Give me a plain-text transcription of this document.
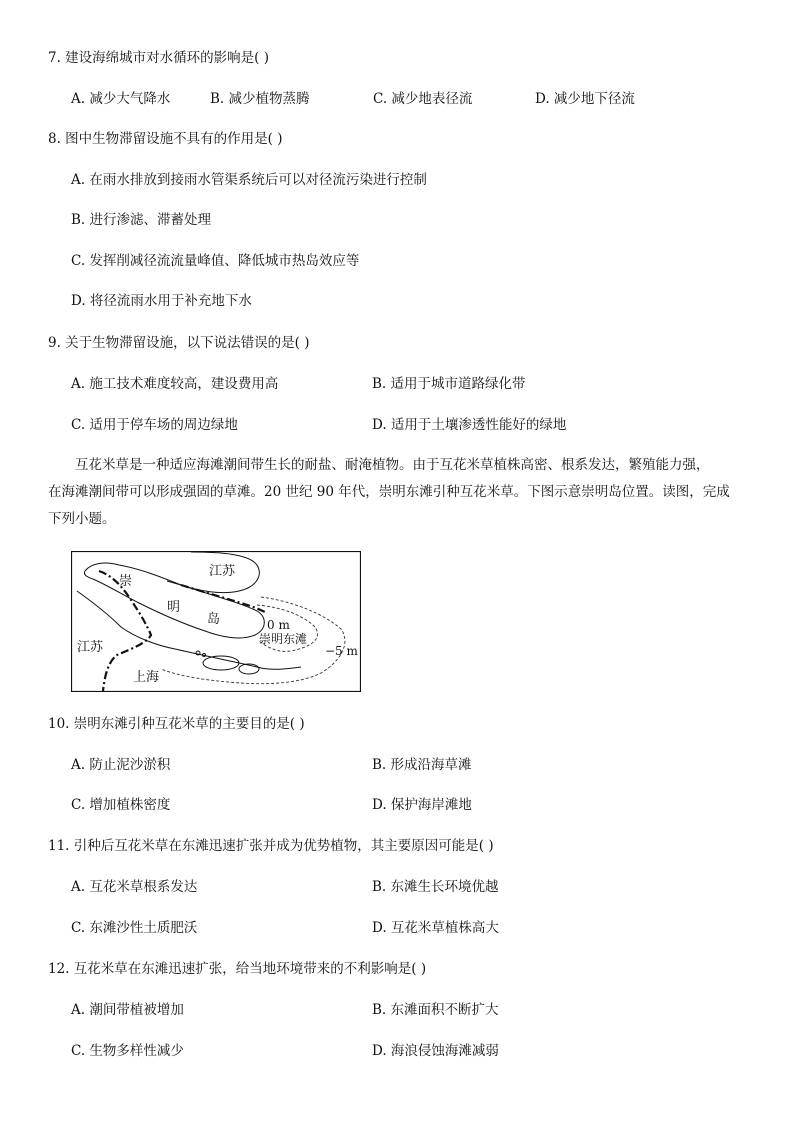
7. 建设海绵城市对水循环的影响是( )
A. 减少大气降水	B. 减少植物蒸腾	C. 减少地表径流	D. 减少地下径流
8. 图中生物滞留设施不具有的作用是( )
A. 在雨水排放到接雨水管渠系统后可以对径流污染进行控制
B. 进行渗滤、滞蓄处理
C. 发挥削减径流流量峰值、降低城市热岛效应等
D. 将径流雨水用于补充地下水
9. 关于生物滞留设施，以下说法错误的是( )
A. 施工技术难度较高，建设费用高	B. 适用于城市道路绿化带
C. 适用于停车场的周边绿地	D. 适用于土壤渗透性能好的绿地
互花米草是一种适应海滩潮间带生长的耐盐、耐淹植物。由于互花米草植株高密、根系发达，繁殖能力强，
在海滩潮间带可以形成强固的草滩。20 世纪 90 年代，崇明东滩引种互花米草。下图示意崇明岛位置。读图，完成
下列小题。
崇
明
岛
江苏
江苏
上海
0 m
崇明东滩
−5 m
10. 崇明东滩引种互花米草的主要目的是( )
A. 防止泥沙淤积	B. 形成沿海草滩
C. 增加植株密度	D. 保护海岸滩地
11. 引种后互花米草在东滩迅速扩张并成为优势植物，其主要原因可能是( )
A. 互花米草根系发达	B. 东滩生长环境优越
C. 东滩沙性土质肥沃	D. 互花米草植株高大
12. 互花米草在东滩迅速扩张，给当地环境带来的不利影响是( )
A. 潮间带植被增加	B. 东滩面积不断扩大
C. 生物多样性减少	D. 海浪侵蚀海滩减弱
